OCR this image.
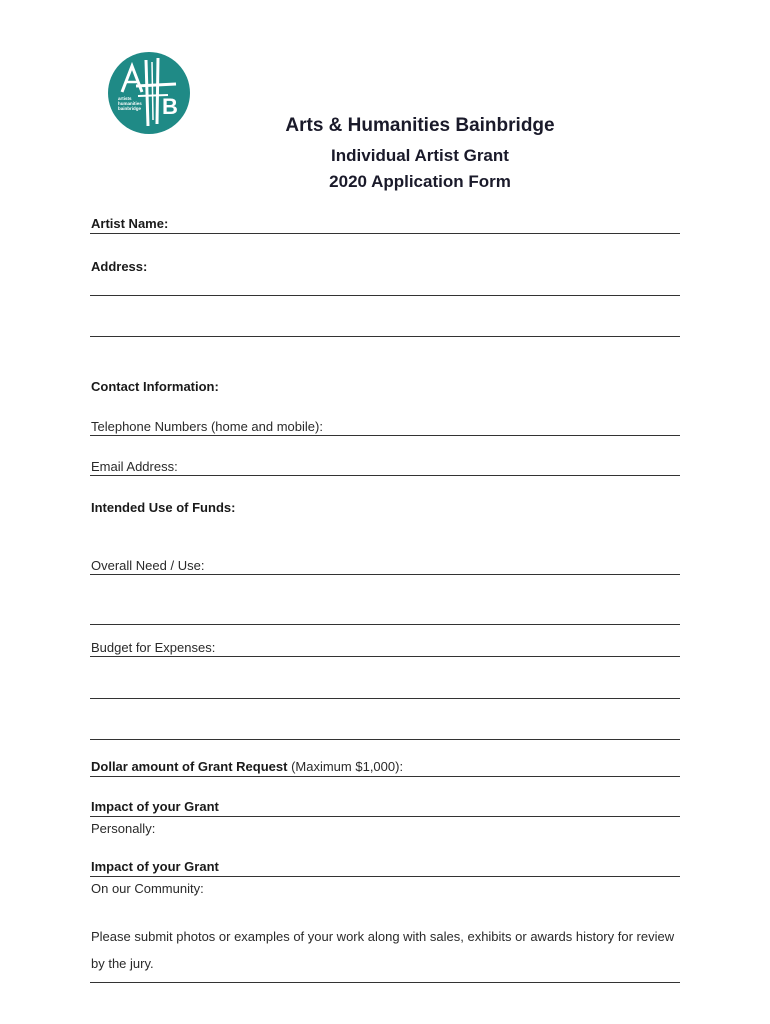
B
artists
humanities
bainbridge
Arts & Humanities Bainbridge
Individual Artist Grant
2020 Application Form
Artist Name:
Address:
Contact Information:
Telephone Numbers (home and mobile):
Email Address:
Intended Use of Funds:
Overall Need / Use:
Budget for Expenses:
Dollar amount of Grant Request (Maximum $1,000):
Impact of your Grant
Personally:
Impact of your Grant
On our Community:
Please submit photos or examples of your work along with sales, exhibits or awards history for review by the jury.
